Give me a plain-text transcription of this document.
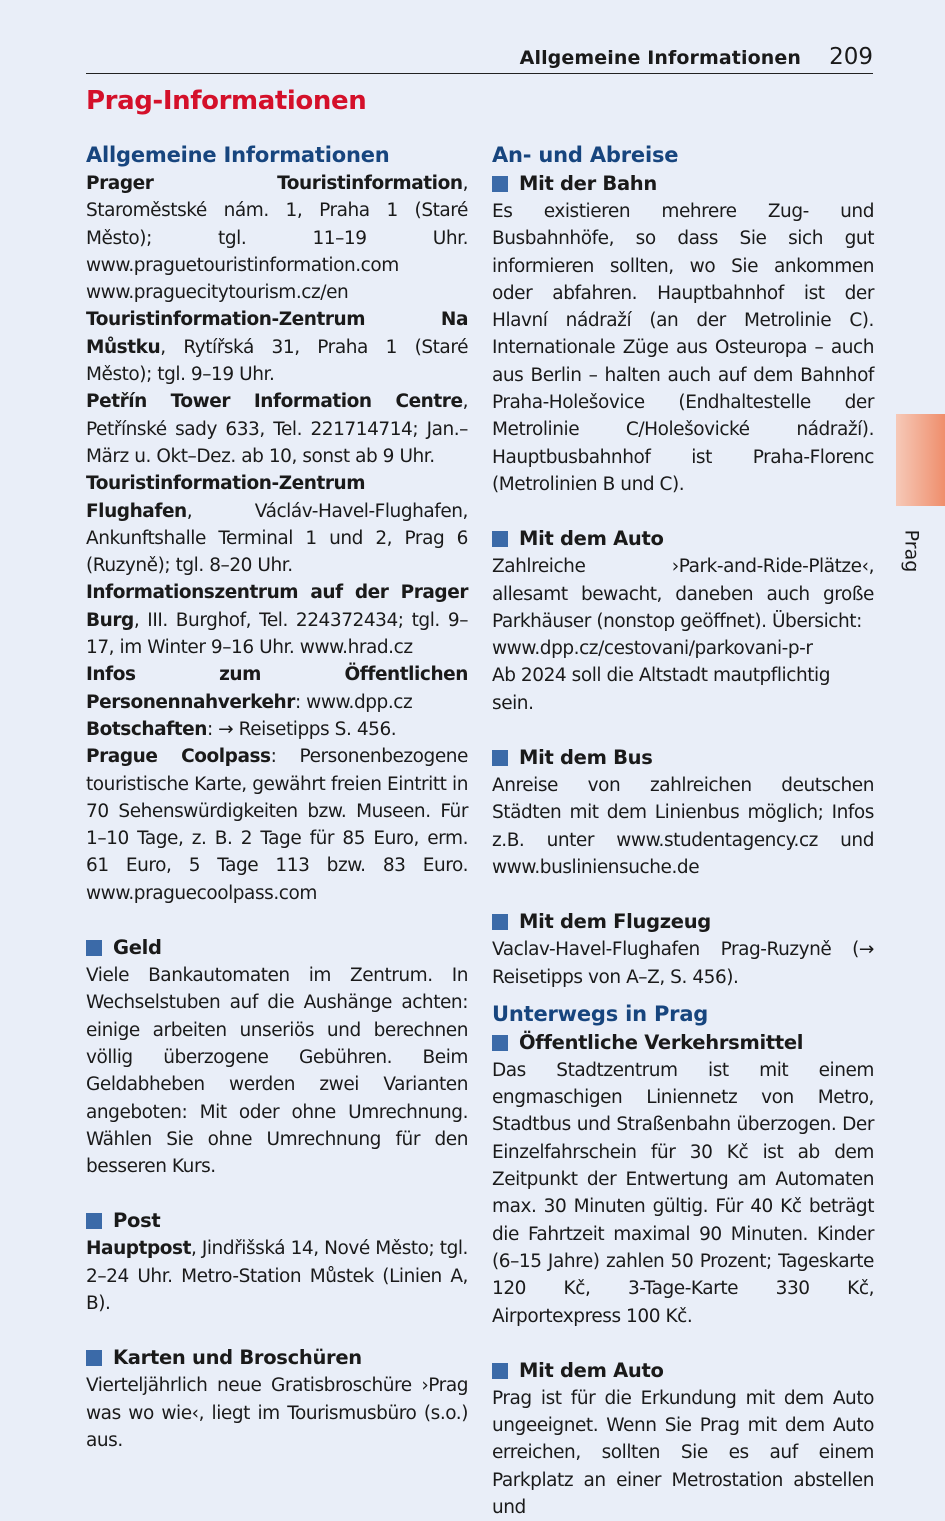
Allgemeine Informationen 209
Prag-Informationen
Prag
Allgemeine Informationen

Prager Touristinformation, Staroměstské nám. 1, Praha 1 (Staré Město); tgl. 11–19 Uhr. www.praguetouristinformation.com www.praguecitytourism.cz/en

Touristinformation-Zentrum Na Můstku, Rytířská 31, Praha 1 (Staré Město); tgl. 9–19 Uhr.

Petřín Tower Information Centre, Petřínské sady 633, Tel. 221714714; Jan.–März u. Okt–Dez. ab 10, sonst ab 9 Uhr.

Touristinformation-Zentrum Flughafen, Václáv-Havel-Flughafen, Ankunftshalle Terminal 1 und 2, Prag 6 (Ruzyně); tgl. 8–20 Uhr.

Informationszentrum auf der Prager Burg, III. Burghof, Tel. 224372434; tgl. 9–17, im Winter 9–16 Uhr. www.hrad.cz

Infos zum Öffentlichen Personennahverkehr: www.dpp.cz

Botschaften: → Reisetipps S. 456.

Prague Coolpass: Personenbezogene touristische Karte, gewährt freien Eintritt in 70 Sehenswürdigkeiten bzw. Museen. Für 1–10 Tage, z. B. 2 Tage für 85 Euro, erm. 61 Euro, 5 Tage 113 bzw. 83 Euro. www.praguecoolpass.com

Geld

Viele Bankautomaten im Zentrum. In Wechselstuben auf die Aushänge achten: einige arbeiten unseriös und berechnen völlig überzogene Gebühren. Beim Geldabheben werden zwei Varianten angeboten: Mit oder ohne Umrechnung. Wählen Sie ohne Umrechnung für den besseren Kurs.

Post

Hauptpost, Jindřišská 14, Nové Město; tgl. 2–24 Uhr. Metro-Station Můstek (Linien A, B).

Karten und Broschüren

Vierteljährlich neue Gratisbroschüre ›Prag was wo wie‹, liegt im Tourismusbüro (s.o.) aus.

An- und Abreise
Mit der Bahn

Es existieren mehrere Zug- und Busbahnhöfe, so dass Sie sich gut informieren sollten, wo Sie ankommen oder abfahren. Hauptbahnhof ist der Hlavní nádraží (an der Metrolinie C). Internationale Züge aus Osteuropa – auch aus Berlin – halten auch auf dem Bahnhof Praha-Holešovice (Endhaltestelle der Metrolinie C/Holešovické nádraží). Hauptbusbahnhof ist Praha-Florenc (Metrolinien B und C).

Mit dem Auto

Zahlreiche ›Park-and-Ride-Plätze‹, allesamt bewacht, daneben auch große Parkhäuser (nonstop geöffnet). Übersicht:

www.dpp.cz/cestovani/parkovani-p-r

Ab 2024 soll die Altstadt mautpflichtig sein.

Mit dem Bus

Anreise von zahlreichen deutschen Städten mit dem Linienbus möglich; Infos z.B. unter www.studentagency.cz und www.busliniensuche.de

Mit dem Flugzeug

Vaclav-Havel-Flughafen Prag-Ruzyně (→ Reisetipps von A–Z, S. 456).

Unterwegs in Prag
Öffentliche Verkehrsmittel

Das Stadtzentrum ist mit einem engmaschigen Liniennetz von Metro, Stadtbus und Straßenbahn überzogen. Der Einzelfahrschein für 30 Kč ist ab dem Zeitpunkt der Entwertung am Automaten max. 30 Minuten gültig. Für 40 Kč beträgt die Fahrtzeit maximal 90 Minuten. Kinder (6–15 Jahre) zahlen 50 Prozent; Tageskarte 120 Kč, 3-Tage-Karte 330 Kč, Airportexpress 100 Kč.

Mit dem Auto

Prag ist für die Erkundung mit dem Auto ungeeignet. Wenn Sie Prag mit dem Auto erreichen, sollten Sie es auf einem Parkplatz an einer Metrostation abstellen und
